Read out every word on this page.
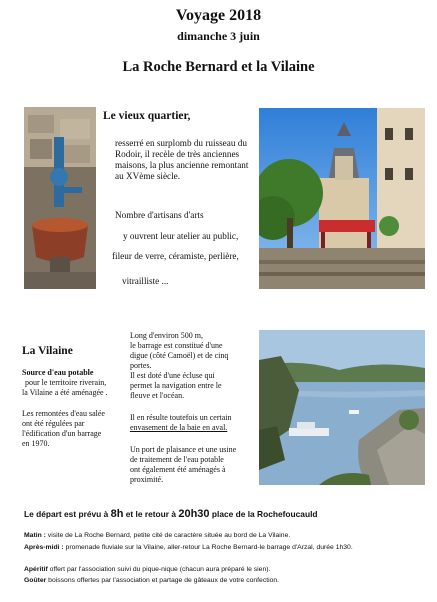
Voyage 2018
dimanche 3 juin
La Roche Bernard et la Vilaine
Le vieux quartier,
resserré en surplomb du ruisseau du
Rodoir, il recèle de très anciennes
maisons, la plus ancienne remontant
au XVème siècle.
Nombre d'artisans d'arts
y ouvrent leur atelier au public,
fileur de verre, céramiste, perlière,
vitrailliste ...
La Vilaine
Source d'eau potable
pour le territoire riverain,
la Vilaine a été aménagée .
Les remontées d'eau salée
ont été régulées par
l'édification d'un barrage
en 1970.
Long d'environ 500 m,
le barrage est constitué d'une
digue (côté Camoël) et de cinq
portes.
Il est doté d'une écluse qui
permet la navigation entre le
fleuve et l'océan.
Il en résulte toutefois un certain
envasement de la baie en aval.
Un port de plaisance et une usine
de traitement de l'eau potable
ont également été aménagés à
proximité.
Le départ est prévu à 8h et le retour à 20h30 place de la Rochefoucauld
Matin : visite de La Roche Bernard, petite cité de caractère située au bord de La Vilaine.
Après-midi : promenade fluviale sur la Vilaine, aller-retour La Roche Bernard-le barrage d'Arzal, durée 1h30.
Apéritif offert par l'association suivi du pique-nique (chacun aura préparé le sien).
Goûter boissons offertes par l'association et partage de gâteaux de votre confection.
